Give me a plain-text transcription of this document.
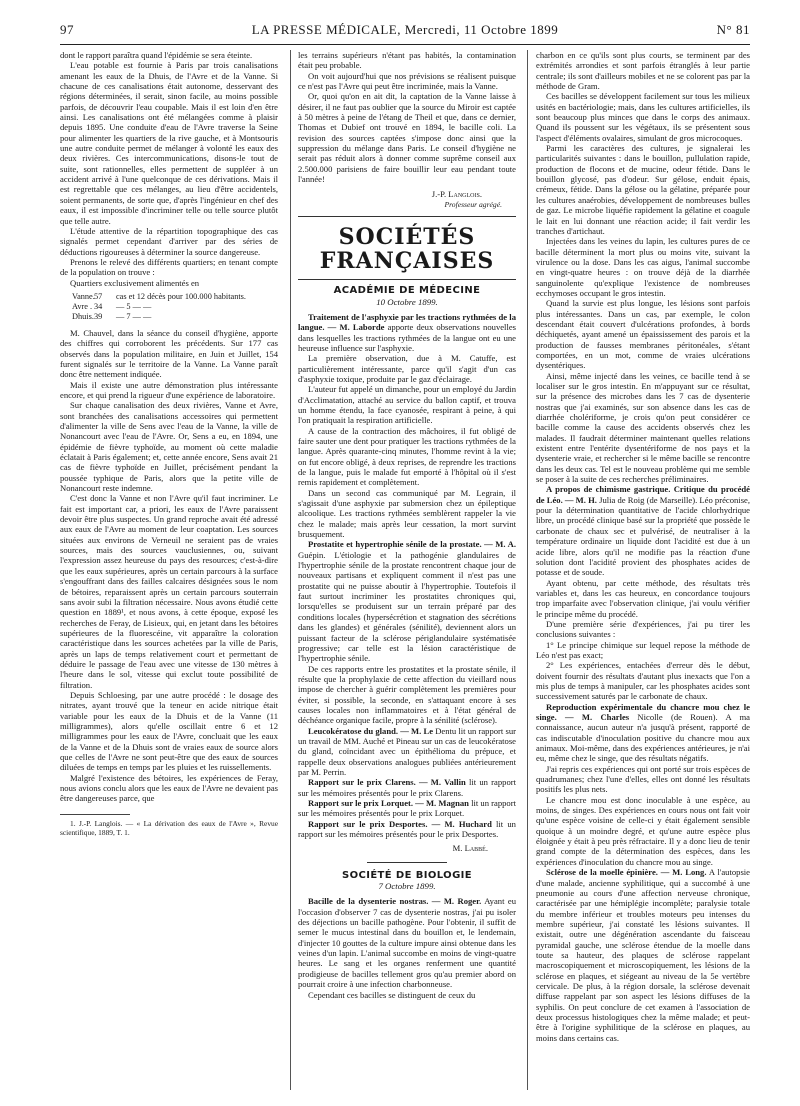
97	LA PRESSE MÉDICALE, Mercredi, 11 Octobre 1899	N° 81

dont le rapport paraîtra quand l'épidémie se sera éteinte.

L'eau potable est fournie à Paris par trois canalisations amenant les eaux de la Dhuis, de l'Avre et de la Vanne. Si chacune de ces canalisations était autonome, desservant des régions déterminées, il serait, sinon facile, au moins possible parfois, de découvrir l'eau coupable. Mais il est loin d'en être ainsi. Les canalisations ont été mélangées comme à plaisir depuis 1895. Une conduite d'eau de l'Avre traverse la Seine pour alimenter les quartiers de la rive gauche, et à Montsouris une autre conduite permet de mélanger à volonté les eaux des deux rivières. Ces intercommunications, disons-le tout de suite, sont rationnelles, elles permettent de suppléer à un accident arrivé à l'une quelconque de ces dérivations. Mais il est regrettable que ces mélanges, au lieu d'être accidentels, soient permanents, de sorte que, d'après l'ingénieur en chef des eaux, il est impossible d'incriminer telle ou telle source plutôt que telle autre.

L'étude attentive de la répartition topographique des cas signalés permet cependant d'arriver par des séries de déductions rigoureuses à déterminer la source dangereuse.

Prenons le relevé des différents quartiers; en tenant compte de la population on trouve :

Quartiers exclusivement alimentés en

Vanne. 57	cas et 12 décès pour 100.000 habitants.
Avre . 34	— 5 — —
Dhuis. 39	— 7 — —

M. Chauvel, dans la séance du conseil d'hygiène, apporte des chiffres qui corroborent les précédents. Sur 177 cas observés dans la population militaire, en Juin et Juillet, 154 furent signalés sur le territoire de la Vanne. La Vanne paraît donc être nettement indiquée.

Mais il existe une autre démonstration plus intéressante encore, et qui prend la rigueur d'une expérience de laboratoire.

Sur chaque canalisation des deux rivières, Vanne et Avre, sont branchées des canalisations accessoires qui permettent d'alimenter la ville de Sens avec l'eau de la Vanne, la ville de Nonancourt avec l'eau de l'Avre. Or, Sens a eu, en 1894, une épidémie de fièvre typhoïde, au moment où cette maladie éclatait à Paris également; et, cette année encore, Sens avait 21 cas de fièvre typhoïde en Juillet, précisément pendant la poussée typhique de Paris, alors que la petite ville de Nonancourt reste indemne.

C'est donc la Vanne et non l'Avre qu'il faut incriminer. Le fait est important car, a priori, les eaux de l'Avre paraissent devoir être plus suspectes. Un grand reproche avait été adressé aux eaux de l'Avre au moment de leur coaptation. Les sources situées aux environs de Verneuil ne seraient pas de vraies sources, mais des sources vauclusiennes, ou, suivant l'expression assez heureuse du pays des resources; c'est-à-dire que les eaux supérieures, après un certain parcours à la surface s'engouffrant dans des failles calcaires désignées sous le nom de bétoires, reparaissent après un certain parcours souterrain sans avoir subi la filtration nécessaire. Nous avons étudié cette question en 1889¹, et nous avons, à cette époque, exposé les recherches de Feray, de Lisieux, qui, en jetant dans les bétoires supérieures de la fluorescéine, vit apparaître la coloration caractéristique dans les sources achetées par la ville de Paris, après un laps de temps relativement court et permettant de déduire le passage de l'eau avec une vitesse de 130 mètres à l'heure dans le sol, vitesse qui exclut toute possibilité de filtration.

Depuis Schloesing, par une autre procédé : le dosage des nitrates, ayant trouvé que la teneur en acide nitrique était variable pour les eaux de la Dhuis et de la Vanne (11 milligrammes), alors qu'elle oscillait entre 6 et 12 milligrammes pour les eaux de l'Avre, concluait que les eaux de la Vanne et de la Dhuis sont de vraies eaux de source alors que celles de l'Avre ne sont peut-être que des eaux de sources diluées de temps en temps par les pluies et les ruissellements.

Malgré l'existence des bétoires, les expériences de Feray, nous avions conclu alors que les eaux de l'Avre ne devaient pas être dangereuses parce, que

1. J.-P. Langlois. — « La dérivation des eaux de l'Avre », Revue scientifique, 1889, T. 1.

les terrains supérieurs n'étant pas habités, la contamination était peu probable.

On voit aujourd'hui que nos prévisions se réalisent puisque ce n'est pas l'Avre qui peut être incriminée, mais la Vanne.

Or, quoi qu'on en ait dit, la captation de la Vanne laisse à désirer, il ne faut pas oublier que la source du Miroir est captée à 50 mètres à peine de l'étang de Theil et que, dans ce dernier, Thomas et Dubief ont trouvé en 1894, le bacille coli. La revision des sources captées s'impose donc ainsi que la suppression du mélange dans Paris. Le conseil d'hygiène ne serait pas réduit alors à donner comme suprême conseil aux 2.500.000 parisiens de faire bouillir leur eau pendant toute l'année!

J.-P. Langlois.
Professeur agrégé.
SOCIÉTÉS FRANÇAISES
ACADÉMIE DE MÉDECINE
10 Octobre 1899.

Traitement de l'asphyxie par les tractions rythmées de la langue. — M. Laborde apporte deux observations nouvelles dans lesquelles les tractions rythmées de la langue ont eu une heureuse influence sur l'asphyxie.

La première observation, due à M. Catuffe, est particulièrement intéressante, parce qu'il s'agit d'un cas d'asphyxie toxique, produite par le gaz d'éclairage.

L'auteur fut appelé un dimanche, pour un employé du Jardin d'Acclimatation, attaché au service du ballon captif, et trouva un homme étendu, la face cyanosée, respirant à peine, à qui l'on pratiquait la respiration artificielle.

A cause de la contraction des mâchoires, il fut obligé de faire sauter une dent pour pratiquer les tractions rythmées de la langue. Après quarante-cinq minutes, l'homme revint à la vie; on fut encore obligé, à deux reprises, de reprendre les tractions de la langue, puis le malade fut emporté à l'hôpital où il s'est remis rapidement et complètement.

Dans un second cas communiqué par M. Legrain, il s'agissait d'une asphyxie par submersion chez un épileptique alcoolique. Les tractions rythmées semblèrent rappeler la vie chez le malade; mais après leur cessation, la mort survint brusquement.

Prostatite et hypertrophie sénile de la prostate. — M. A. Guépin. L'étiologie et la pathogénie glandulaires de l'hypertrophie sénile de la prostate rencontrent chaque jour de nouveaux partisans et expliquent comment il n'est pas une prostatite qui ne puisse aboutir à l'hypertrophie. Toutefois il faut surtout incriminer les prostatites chroniques qui, lorsqu'elles se produisent sur un terrain préparé par des conditions locales (hypersécrétion et stagnation des sécrétions dans les glandes) et générales (sénilité), deviennent alors un puissant facteur de la sclérose périglandulaire systématisée progressive; car telle est la lésion caractéristique de l'hypertrophie sénile.

De ces rapports entre les prostatites et la prostate sénile, il résulte que la prophylaxie de cette affection du vieillard nous impose de chercher à guérir complètement les premières pour éviter, si possible, la seconde, en s'attaquant encore à ses causes locales non inflammatoires et à l'état général de déchéance organique facile, propre à la sénilité (sclérose).

Leucokératose du gland. — M. Le Dentu lit un rapport sur un travail de MM. Auché et Pineau sur un cas de leucokératose du gland, coïncidant avec un épithélioma du prépuce, et rappelle deux observations analogues publiées antérieurement par M. Perrin.

Rapport sur le prix Clarens. — M. Vallin lit un rapport sur les mémoires présentés pour le prix Clarens.

Rapport sur le prix Lorquet. — M. Magnan lit un rapport sur les mémoires présentés pour le prix Lorquet.

Rapport sur le prix Desportes. — M. Huchard lit un rapport sur les mémoires présentés pour le prix Desportes.

M. Labbé.
SOCIÉTÉ DE BIOLOGIE
7 Octobre 1899.

Bacille de la dysenterie nostras. — M. Roger. Ayant eu l'occasion d'observer 7 cas de dysenterie nostras, j'ai pu isoler des déjections un bacille pathogène. Pour l'obtenir, il suffit de semer le mucus intestinal dans du bouillon et, le lendemain, d'injecter 10 gouttes de la culture impure ainsi obtenue dans les veines d'un lapin. L'animal succombe en moins de vingt-quatre heures. Le sang et les organes renferment une quantité prodigieuse de bacilles tellement gros qu'au premier abord on pourrait croire à une infection charbonneuse.

Cependant ces bacilles se distinguent de ceux du

charbon en ce qu'ils sont plus courts, se terminent par des extrémités arrondies et sont parfois étranglés à leur partie centrale; ils sont d'ailleurs mobiles et ne se colorent pas par la méthode de Gram.

Ces bacilles se développent facilement sur tous les milieux usités en bactériologie; mais, dans les cultures artificielles, ils sont beaucoup plus minces que dans le corps des animaux. Quand ils poussent sur les végétaux, ils se présentent sous l'aspect d'éléments ovalaires, simulant de gros microcoques.

Parmi les caractères des cultures, je signalerai les particularités suivantes : dans le bouillon, pullulation rapide, production de flocons et de mucine, odeur fétide. Dans le bouillon glycosé, pas d'odeur. Sur gélose, enduit épais, crémeux, fétide. Dans la gélose ou la gélatine, préparée pour les cultures anaérobies, développement de nombreuses bulles de gaz. Le microbe liquéfie rapidement la gélatine et coagule le lait en lui donnant une réaction acide; il fait verdir les tranches d'artichaut.

Injectées dans les veines du lapin, les cultures pures de ce bacille déterminent la mort plus ou moins vite, suivant la virulence ou la dose. Dans les cas aigus, l'animal succombe en vingt-quatre heures : on trouve déjà de la diarrhée sanguinolente qu'explique l'existence de nombreuses ecchymoses occupant le gros intestin.

Quand la survie est plus longue, les lésions sont parfois plus intéressantes. Dans un cas, par exemple, le colon descendant était couvert d'ulcérations profondes, à bords déchiquetés, ayant amené un épaississement des parois et la production de fausses membranes péritonéales, s'étant comportées, en un mot, comme de vraies ulcérations dysentériques.

Ainsi, même injecté dans les veines, ce bacille tend à se localiser sur le gros intestin. En m'appuyant sur ce résultat, sur la présence des microbes dans les 7 cas de dysenterie nostras que j'ai examinés, sur son absence dans les cas de diarrhée cholériforme, je crois qu'on peut considérer ce bacille comme la cause des accidents observés chez les malades. Il faudrait déterminer maintenant quelles relations existent entre l'entérite dysentériforme de nos pays et la dysenterie vraie, et rechercher si le même bacille se rencontre dans les deux cas. Tel est le nouveau problème qui me semble se poser à la suite de ces recherches préliminaires.

A propos de chimisme gastrique. Critique du procédé de Léo. — M. H. Julia de Roig (de Marseille). Léo préconise, pour la détermination quantitative de l'acide chlorhydrique libre, un procédé clinique basé sur la propriété que possède le carbonate de chaux sec et pulvérisé, de neutraliser à la température ordinaire un liquide dont l'acidité est due à un acide libre, alors qu'il ne modifie pas la réaction d'une solution dont l'acidité provient des phosphates acides de potasse et de soude.

Ayant obtenu, par cette méthode, des résultats très variables et, dans les cas heureux, en concordance toujours trop imparfaite avec l'observation clinique, j'ai voulu vérifier le principe même du procédé.

D'une première série d'expériences, j'ai pu tirer les conclusions suivantes :

1° Le principe chimique sur lequel repose la méthode de Léo n'est pas exact;

2° Les expériences, entachées d'erreur dès le début, doivent fournir des résultats d'autant plus inexacts que l'on a mis plus de temps à manipuler, car les phosphates acides sont successivement saturés par le carbonate de chaux.

Reproduction expérimentale du chancre mou chez le singe. — M. Charles Nicolle (de Rouen). A ma connaissance, aucun auteur n'a jusqu'à présent, rapporté de cas indiscutable d'inoculation positive du chancre mou aux animaux. Moi-même, dans des expériences antérieures, je n'ai eu, même chez le singe, que des résultats négatifs.

J'ai repris ces expériences qui ont porté sur trois espèces de quadrumanes; chez l'une d'elles, elles ont donné les résultats positifs les plus nets.

Le chancre mou est donc inoculable à une espèce, au moins, de singes. Des expériences en cours nous ont fait voir qu'une espèce voisine de celle-ci y était également sensible quoique à un moindre degré, et qu'une autre espèce plus éloignée y était à peu près réfractaire. Il y a donc lieu de tenir grand compte de la détermination des espèces, dans les expériences d'inoculation du chancre mou au singe.

Sclérose de la moelle épinière. — M. Long. A l'autopsie d'une malade, ancienne syphilitique, qui a succombé à une pneumonie au cours d'une affection nerveuse chronique, caractérisée par une hémiplégie incomplète; paralysie totale du membre inférieur et troubles moteurs peu intenses du membre supérieur, j'ai constaté les lésions suivantes. Il existait, outre une dégénération ascendante du faisceau pyramidal gauche, une sclérose étendue de la moelle dans toute sa hauteur, des plaques de sclérose rappelant macroscopiquement et microscopiquement, les lésions de la sclérose en plaques, et siégeant au niveau de la 5e vertèbre cervicale. De plus, à la région dorsale, la sclérose devenait diffuse rappelant par son aspect les lésions diffuses de la syphilis. On peut conclure de cet examen à l'association de deux processus histologiques chez la même malade; et peut-être à l'origine syphilitique de la sclérose en plaques, au moins dans certains cas.
